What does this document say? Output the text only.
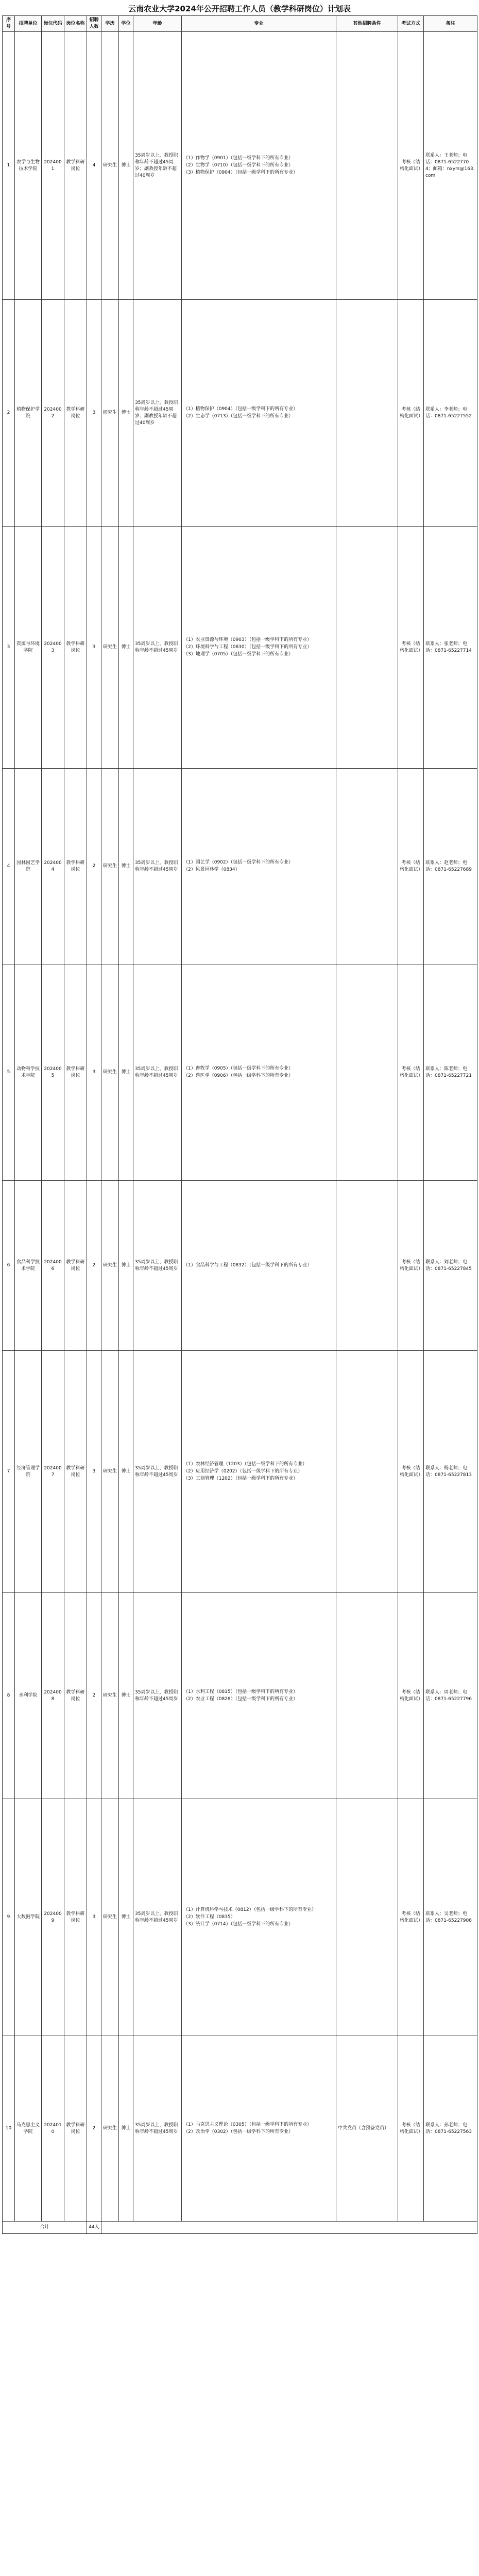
云南农业大学2024年公开招聘工作人员（教学科研岗位）计划表
序号	招聘单位	岗位代码	岗位名称	招聘人数	学历	学位	年龄	专业	其他招聘条件	考试方式	备注
1	农学与生物技术学院	2024001	教学科研岗位	4	研究生	博士	35周岁以上，教授职称年龄不超过45周岁；副教授年龄不超过40周岁	（1）作物学（0901）（包括一级学科下的所有专业）
（2）生物学（0710）（包括一级学科下的所有专业）
（3）植物保护（0904）（包括一级学科下的所有专业）		考核（结构化面试）	联系人：王老师；电话：0871-65227704；邮箱：nxyrs@163.com
2	植物保护学院	2024002	教学科研岗位	3	研究生	博士	35周岁以上，教授职称年龄不超过45周岁；副教授年龄不超过40周岁	（1）植物保护（0904）（包括一级学科下的所有专业）
（2）生态学（0713）（包括一级学科下的所有专业）		考核（结构化面试）	联系人：李老师；电话：0871-65227552
3	资源与环境学院	2024003	教学科研岗位	3	研究生	博士	35周岁以上，教授职称年龄不超过45周岁	（1）农业资源与环境（0903）（包括一级学科下的所有专业）
（2）环境科学与工程（0830）（包括一级学科下的所有专业）
（3）地理学（0705）（包括一级学科下的所有专业）		考核（结构化面试）	联系人：张老师；电话：0871-65227714
4	园林园艺学院	2024004	教学科研岗位	2	研究生	博士	35周岁以上，教授职称年龄不超过45周岁	（1）园艺学（0902）（包括一级学科下的所有专业）
（2）风景园林学（0834）		考核（结构化面试）	联系人：赵老师；电话：0871-65227689
5	动物科学技术学院	2024005	教学科研岗位	3	研究生	博士	35周岁以上，教授职称年龄不超过45周岁	（1）畜牧学（0905）（包括一级学科下的所有专业）
（2）兽医学（0906）（包括一级学科下的所有专业）		考核（结构化面试）	联系人：陈老师；电话：0871-65227721
6	食品科学技术学院	2024006	教学科研岗位	2	研究生	博士	35周岁以上，教授职称年龄不超过45周岁	（1）食品科学与工程（0832）（包括一级学科下的所有专业）		考核（结构化面试）	联系人：刘老师；电话：0871-65227845
7	经济管理学院	2024007	教学科研岗位	3	研究生	博士	35周岁以上，教授职称年龄不超过45周岁	（1）农林经济管理（1203）（包括一级学科下的所有专业）
（2）应用经济学（0202）（包括一级学科下的所有专业）
（3）工商管理（1202）（包括一级学科下的所有专业）		考核（结构化面试）	联系人：杨老师；电话：0871-65227813
8	水利学院	2024008	教学科研岗位	2	研究生	博士	35周岁以上，教授职称年龄不超过45周岁	（1）水利工程（0815）（包括一级学科下的所有专业）
（2）农业工程（0828）（包括一级学科下的所有专业）		考核（结构化面试）	联系人：周老师；电话：0871-65227796
9	大数据学院	2024009	教学科研岗位	3	研究生	博士	35周岁以上，教授职称年龄不超过45周岁	（1）计算机科学与技术（0812）（包括一级学科下的所有专业）
（2）软件工程（0835）
（3）统计学（0714）（包括一级学科下的所有专业）		考核（结构化面试）	联系人：吴老师；电话：0871-65227908
10	马克思主义学院	2024010	教学科研岗位	2	研究生	博士	35周岁以上，教授职称年龄不超过45周岁	（1）马克思主义理论（0305）（包括一级学科下的所有专业）
（2）政治学（0302）（包括一级学科下的所有专业）	中共党员（含预备党员）	考核（结构化面试）	联系人：孙老师；电话：0871-65227563
合计				44人							
